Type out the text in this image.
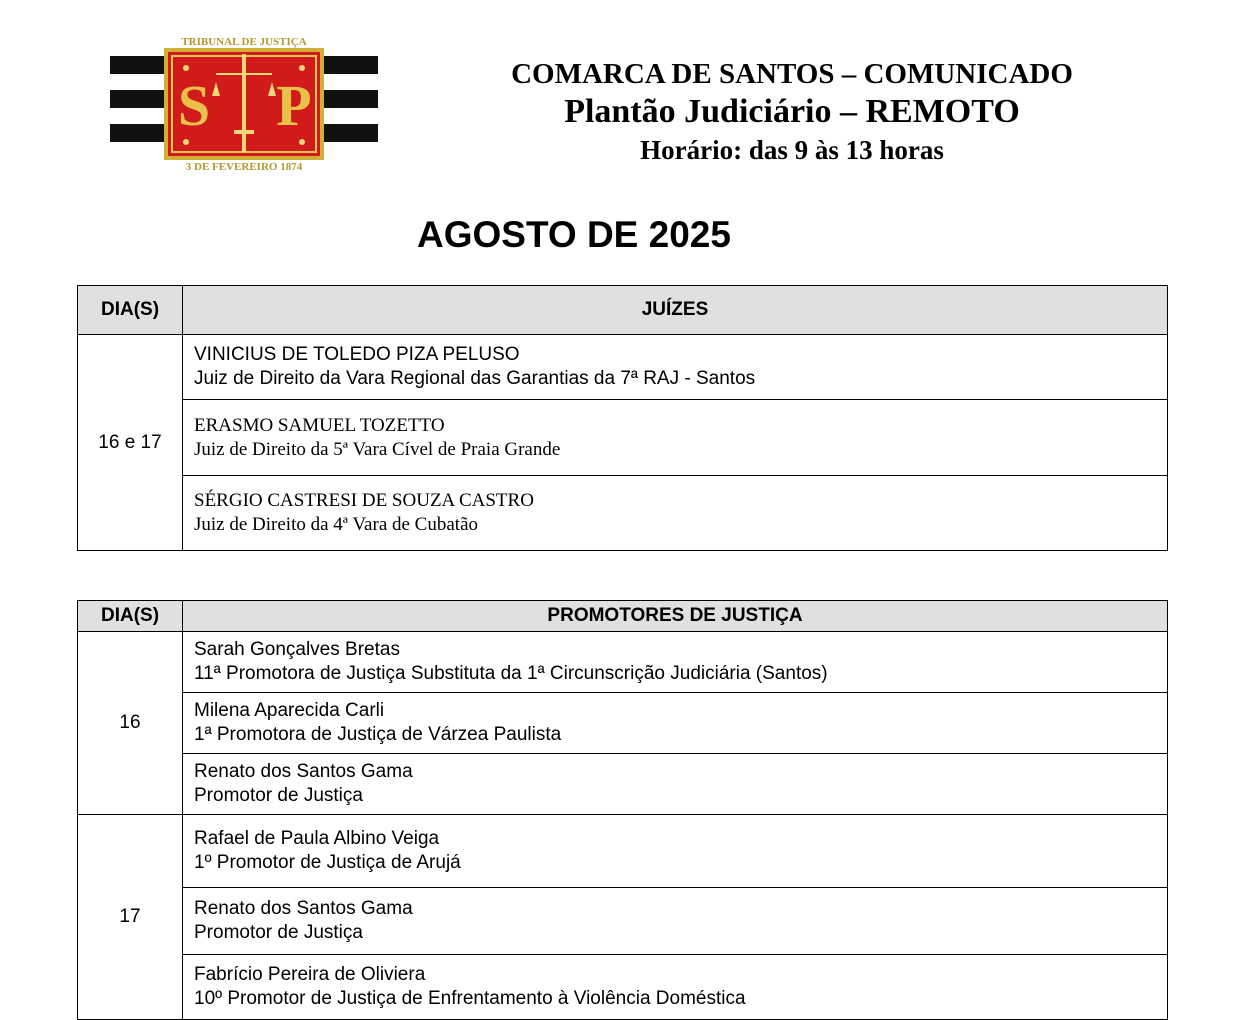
S P
TRIBUNAL DE JUSTIÇA
3 DE FEVEREIRO 1874
COMARCA DE SANTOS – COMUNICADO
Plantão Judiciário – REMOTO
Horário: das 9 às 13 horas
AGOSTO DE 2025
DIA(S)	JUÍZES
16 e 17	VINICIUS DE TOLEDO PIZA PELUSO
Juiz de Direito da Vara Regional das Garantias da 7ª RAJ - Santos

	ERASMO SAMUEL TOZETTO
Juiz de Direito da 5ª Vara Cível de Praia Grande

	SÉRGIO CASTRESI DE SOUZA CASTRO
Juiz de Direito da 4ª Vara de Cubatão
DIA(S)	PROMOTORES DE JUSTIÇA
16	Sarah Gonçalves Bretas
11ª Promotora de Justiça Substituta da 1ª Circunscrição Judiciária (Santos)

	Milena Aparecida Carli
1ª Promotora de Justiça de Várzea Paulista

	Renato dos Santos Gama
Promotor de Justiça

17	Rafael de Paula Albino Veiga
1º Promotor de Justiça de Arujá

	Renato dos Santos Gama
Promotor de Justiça

	Fabrício Pereira de Oliviera
10º Promotor de Justiça de Enfrentamento à Violência Doméstica
